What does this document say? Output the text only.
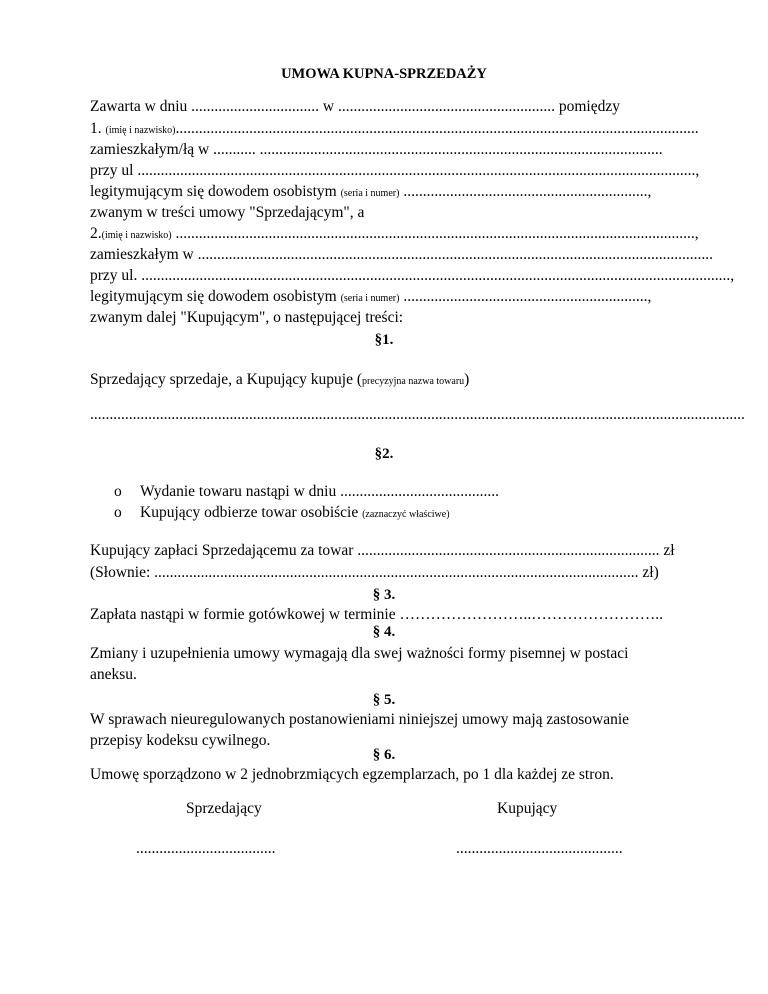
UMOWA KUPNA-SPRZEDAŻY
Zawarta w dniu ................................. w ........................................................ pomiędzy
1. (imię i nazwisko).......................................................................................................................................
zamieszkałym/łą w ........... ........................................................................................................
przy ul ................................................................................................................................................,
legitymującym się dowodem osobistym (seria i numer) ...............................................................,
zwanym w treści umowy "Sprzedającym", a
2.(imię i nazwisko) ......................................................................................................................................,
zamieszkałym w .....................................................................................................................................
przy ul. ........................................................................................................................................................,
legitymującym się dowodem osobistym (seria i numer) ...............................................................,
zwanym dalej "Kupującym", o następującej treści:
§1.
Sprzedający sprzedaje, a Kupujący kupuje (precyzyjna nazwa towaru)
.........................................................................................................................................................................
§2.
o Wydanie towaru nastąpi w dniu .........................................
o Kupujący odbierze towar osobiście (zaznaczyć właściwe)
Kupujący zapłaci Sprzedającemu za towar .............................................................................. zł
(Słownie: ............................................................................................................................. zł)
§ 3.
Zapłata nastąpi w formie gotówkowej w terminie ……………………..……………………..
§ 4.
Zmiany i uzupełnienia umowy wymagają dla swej ważności formy pisemnej w postaci aneksu.
§ 5.
W sprawach nieuregulowanych postanowieniami niniejszej umowy mają zastosowanie przepisy kodeksu cywilnego.
§ 6.
Umowę sporządzono w 2 jednobrzmiących egzemplarzach, po 1 dla każdej ze stron.
Sprzedający	Kupujący
....................................	...........................................
